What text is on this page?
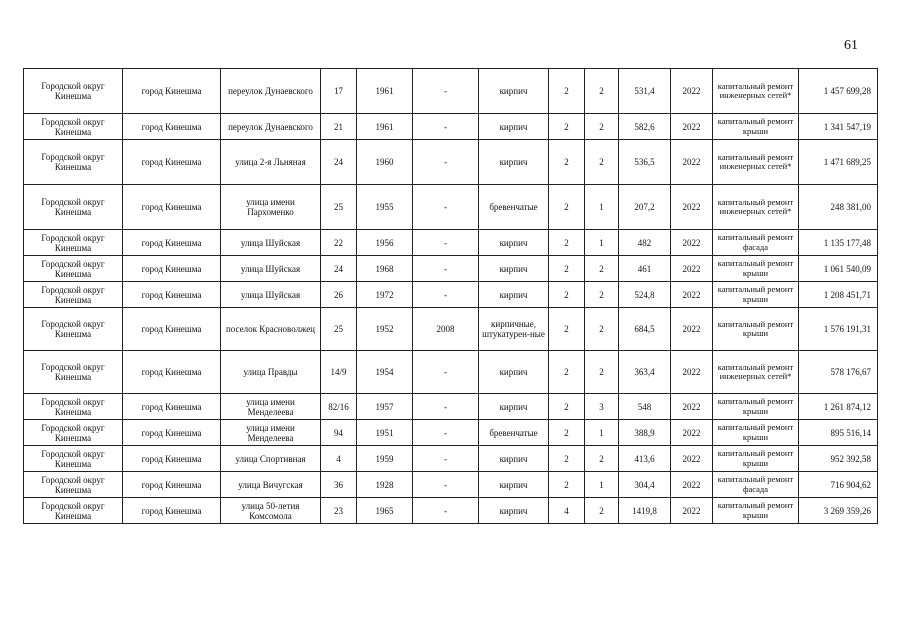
61
Городской округ Кинешма	город Кинешма	переулок Дунаевского	17	1961	-	кирпич	2	2	531,4	2022	капитальный ремонт инженерных сетей*	1 457 699,28
Городской округ Кинешма	город Кинешма	переулок Дунаевского	21	1961	-	кирпич	2	2	582,6	2022	капитальный ремонт крыши	1 341 547,19
Городской округ Кинешма	город Кинешма	улица 2-я Льняная	24	1960	-	кирпич	2	2	536,5	2022	капитальный ремонт инженерных сетей*	1 471 689,25
Городской округ Кинешма	город Кинешма	улица имени Пархоменко	25	1955	-	бревенчатые	2	1	207,2	2022	капитальный ремонт инженерных сетей*	248 381,00
Городской округ Кинешма	город Кинешма	улица Шуйская	22	1956	-	кирпич	2	1	482	2022	капитальный ремонт фасада	1 135 177,48
Городской округ Кинешма	город Кинешма	улица Шуйская	24	1968	-	кирпич	2	2	461	2022	капитальный ремонт крыши	1 061 540,09
Городской округ Кинешма	город Кинешма	улица Шуйская	26	1972	-	кирпич	2	2	524,8	2022	капитальный ремонт крыши	1 208 451,71
Городской округ Кинешма	город Кинешма	поселок Красноволжец	25	1952	2008	кирпичные, штукатурен-ные	2	2	684,5	2022	капитальный ремонт крыши	1 576 191,31
Городской округ Кинешма	город Кинешма	улица Правды	14/9	1954	-	кирпич	2	2	363,4	2022	капитальный ремонт инженерных сетей*	578 176,67
Городской округ Кинешма	город Кинешма	улица имени Менделеева	82/16	1957	-	кирпич	2	3	548	2022	капитальный ремонт крыши	1 261 874,12
Городской округ Кинешма	город Кинешма	улица имени Менделеева	94	1951	-	бревенчатые	2	1	388,9	2022	капитальный ремонт крыши	895 516,14
Городской округ Кинешма	город Кинешма	улица Спортивная	4	1959	-	кирпич	2	2	413,6	2022	капитальный ремонт крыши	952 392,58
Городской округ Кинешма	город Кинешма	улица Вичугская	36	1928	-	кирпич	2	1	304,4	2022	капитальный ремонт фасада	716 904,62
Городской округ Кинешма	город Кинешма	улица 50-летия Комсомола	23	1965	-	кирпич	4	2	1419,8	2022	капитальный ремонт крыши	3 269 359,26
